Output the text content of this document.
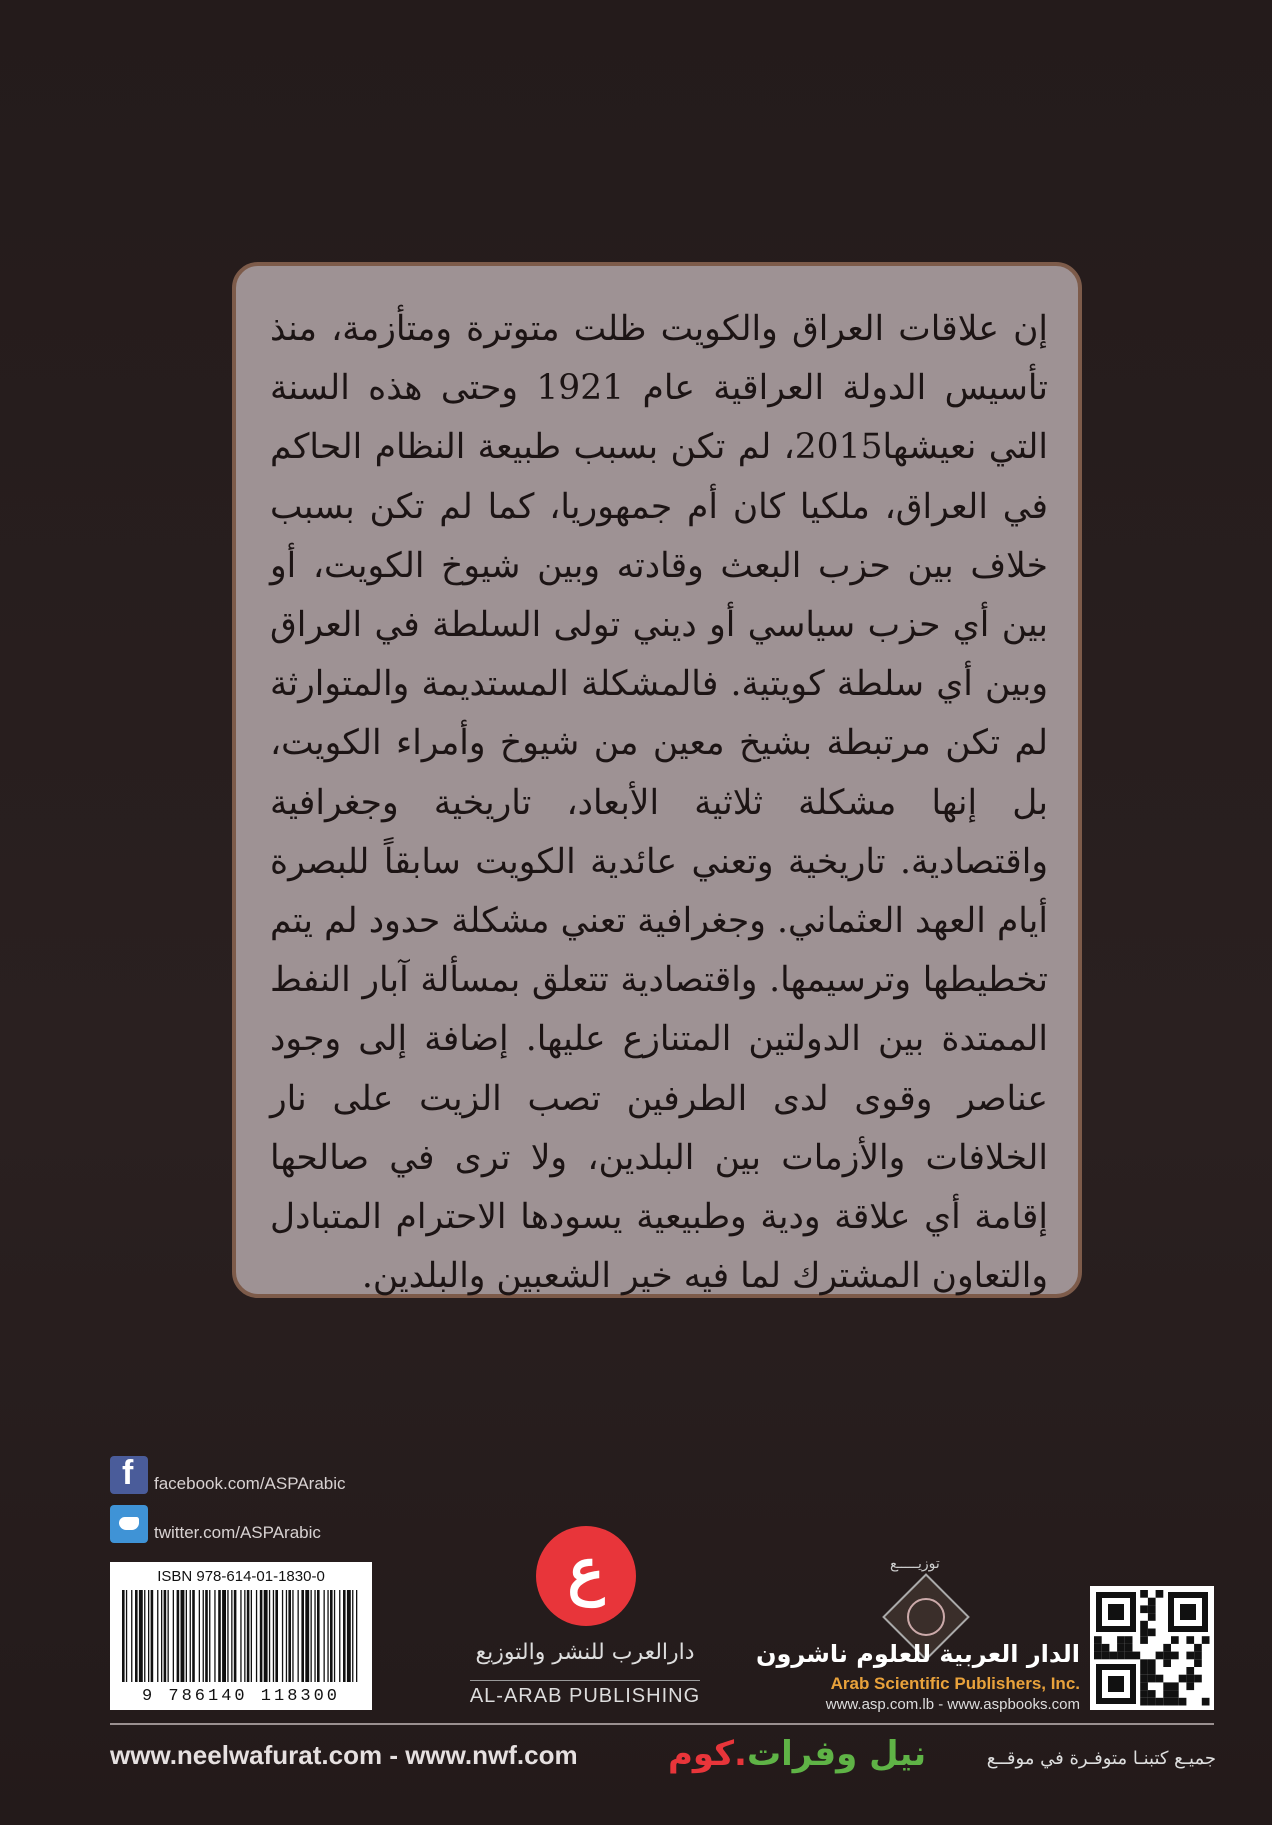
إن علاقات العراق والكويت ظلت متوترة ومتأزمة، منذ تأسيس الدولة العراقية عام 1921 وحتى هذه السنة التي نعيشها2015، لم تكن بسبب طبيعة النظام الحاكم في العراق، ملكيا كان أم جمهوريا، كما لم تكن بسبب خلاف بين حزب البعث وقادته وبين شيوخ الكويت، أو بين أي حزب سياسي أو ديني تولى السلطة في العراق وبين أي سلطة كويتية. فالمشكلة المستديمة والمتوارثة لم تكن مرتبطة بشيخ معين من شيوخ وأمراء الكويت، بل إنها مشكلة ثلاثية الأبعاد، تاريخية وجغرافية واقتصادية. تاريخية وتعني عائدية الكويت سابقاً للبصرة أيام العهد العثماني. وجغرافية تعني مشكلة حدود لم يتم تخطيطها وترسيمها. واقتصادية تتعلق بمسألة آبار النفط الممتدة بين الدولتين المتنازع عليها. إضافة إلى وجود عناصر وقوى لدى الطرفين تصب الزيت على نار الخلافات والأزمات بين البلدين، ولا ترى في صالحها إقامة أي علاقة ودية وطبيعية يسودها الاحترام المتبادل والتعاون المشترك لما فيه خير الشعبين والبلدين.

f
facebook.com/ASPArabic
twitter.com/ASPArabic
ISBN 978-614-01-1830-0
9 786140 118300
ع
دارالعرب للنشر والتوزيع
AL-ARAB PUBLISHING
توزيـــــع
الدار العربية للعلوم ناشرون
Arab Scientific Publishers, Inc.
www.asp.com.lb - www.aspbooks.com
www.neelwafurat.com - www.nwf.com	نيل وفرات.كوم	جميـع كتبنـا متوفـرة في موقــع
